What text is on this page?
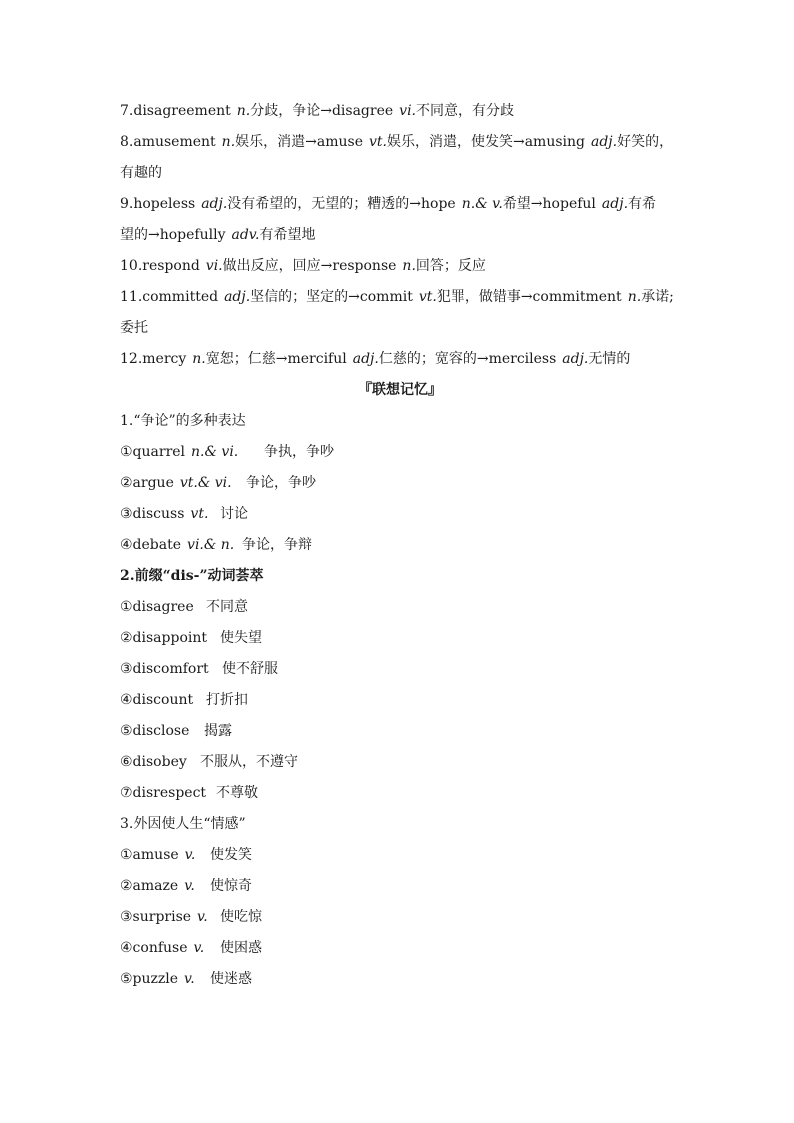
7.disagreement n.分歧，争论→disagree vi.不同意，有分歧
8.amusement n.娱乐，消遣→amuse vt.娱乐，消遣，使发笑→amusing adj.好笑的，
有趣的
9.hopeless adj.没有希望的，无望的；糟透的→hope n.& v.希望→hopeful adj.有希
望的→hopefully adv.有希望地
10.respond vi.做出反应，回应→response n.回答；反应
11.committed adj.坚信的；坚定的→commit vt.犯罪，做错事→commitment n.承诺;
委托
12.mercy n.宽恕；仁慈→merciful adj.仁慈的；宽容的→merciless adj.无情的
『联想记忆』
1.“争论”的多种表达
①quarrel n.& vi. 争执，争吵
②argue vt.& vi. 争论，争吵
③discuss vt. 讨论
④debate vi.& n. 争论，争辩
2.前缀“dis-”动词荟萃
①disagree 不同意
②disappoint 使失望
③discomfort 使不舒服
④discount 打折扣
⑤disclose 揭露
⑥disobey 不服从，不遵守
⑦disrespect 不尊敬
3.外因使人生“情感”
①amuse v. 使发笑
②amaze v. 使惊奇
③surprise v. 使吃惊
④confuse v. 使困惑
⑤puzzle v. 使迷惑
